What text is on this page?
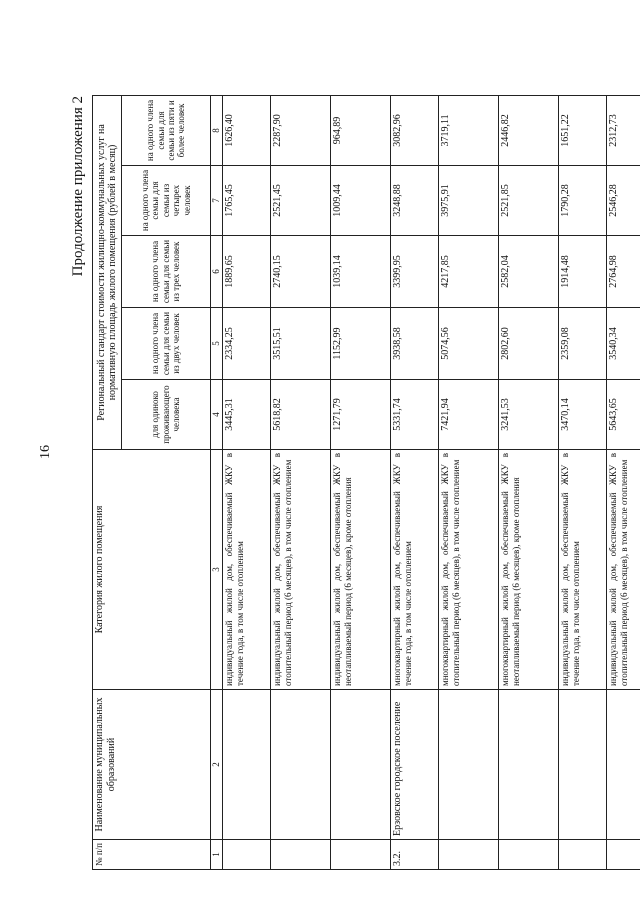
16
Продолжение приложения 2
№ п/п	Наименование муниципальных образований	Категория жилого помещения	Региональный стандарт стоимости жилищно-коммунальных услуг на нормативную площадь жилого помещения (рублей в месяц)				
			для одиноко проживающего человека	на одного члена семьи для семьи из двух человек	на одного члена семьи для семьи из трех человек	на одного члена семьи для семьи из четырех человек	на одного члена семьи для семьи из пяти и более человек
1	2	3	4	5	6	7	8
		индивидуальный жилой дом, обеспечиваемый ЖКУ в течение года, в том числе отоплением	3445,31	2334,25	1889,65	1765,45	1626,40
		индивидуальный жилой дом, обеспечиваемый ЖКУ в отопительный период (6 месяцев), в том числе отоплением	5618,82	3515,51	2740,15	2521,45	2287,90
		индивидуальный жилой дом, обеспечиваемый ЖКУ в неотапливаемый период (6 месяцев), кроме отопления	1271,79	1152,99	1039,14	1009,44	964,89
3.2.	Ерзовское городское поселение	многоквартирный жилой дом, обеспечиваемый ЖКУ в течение года, в том числе отоплением	5331,74	3938,58	3399,95	3248,88	3082,96
		многоквартирный жилой дом, обеспечиваемый ЖКУ в отопительный период (6 месяцев), в том числе отоплением	7421,94	5074,56	4217,85	3975,91	3719,11
		многоквартирный жилой дом, обеспечиваемый ЖКУ в неотапливаемый период (6 месяцев), кроме отопления	3241,53	2802,60	2582,04	2521,85	2446,82
		индивидуальный жилой дом, обеспечиваемый ЖКУ в течение года, в том числе отоплением	3470,14	2359,08	1914,48	1790,28	1651,22
		индивидуальный жилой дом, обеспечиваемый ЖКУ в отопительный период (6 месяцев), в том числе отоплением	5643,65	3540,34	2764,98	2546,28	2312,73
